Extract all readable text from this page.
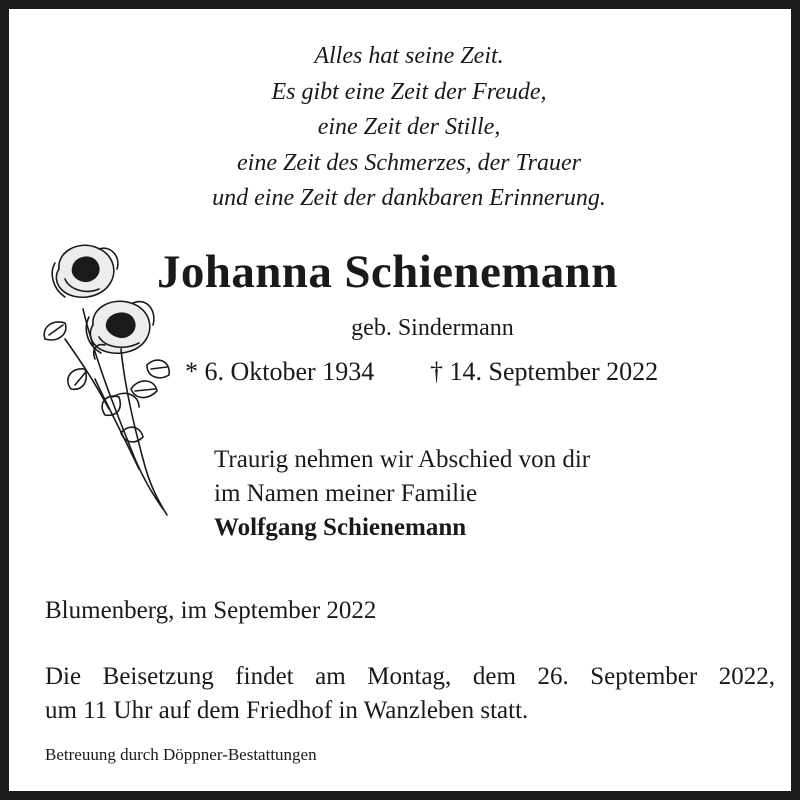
Alles hat seine Zeit.
Es gibt eine Zeit der Freude,
eine Zeit der Stille,
eine Zeit des Schmerzes, der Trauer
und eine Zeit der dankbaren Erinnerung.
Johanna Schienemann
geb. Sindermann
* 6. Oktober 1934 † 14. September 2022
Traurig nehmen wir Abschied von dir
im Namen meiner Familie
Wolfgang Schienemann
Blumenberg, im September 2022
Die Beisetzung findet am Montag, dem 26. September 2022,
um 11 Uhr auf dem Friedhof in Wanzleben statt.
Betreuung durch Döppner-Bestattungen
